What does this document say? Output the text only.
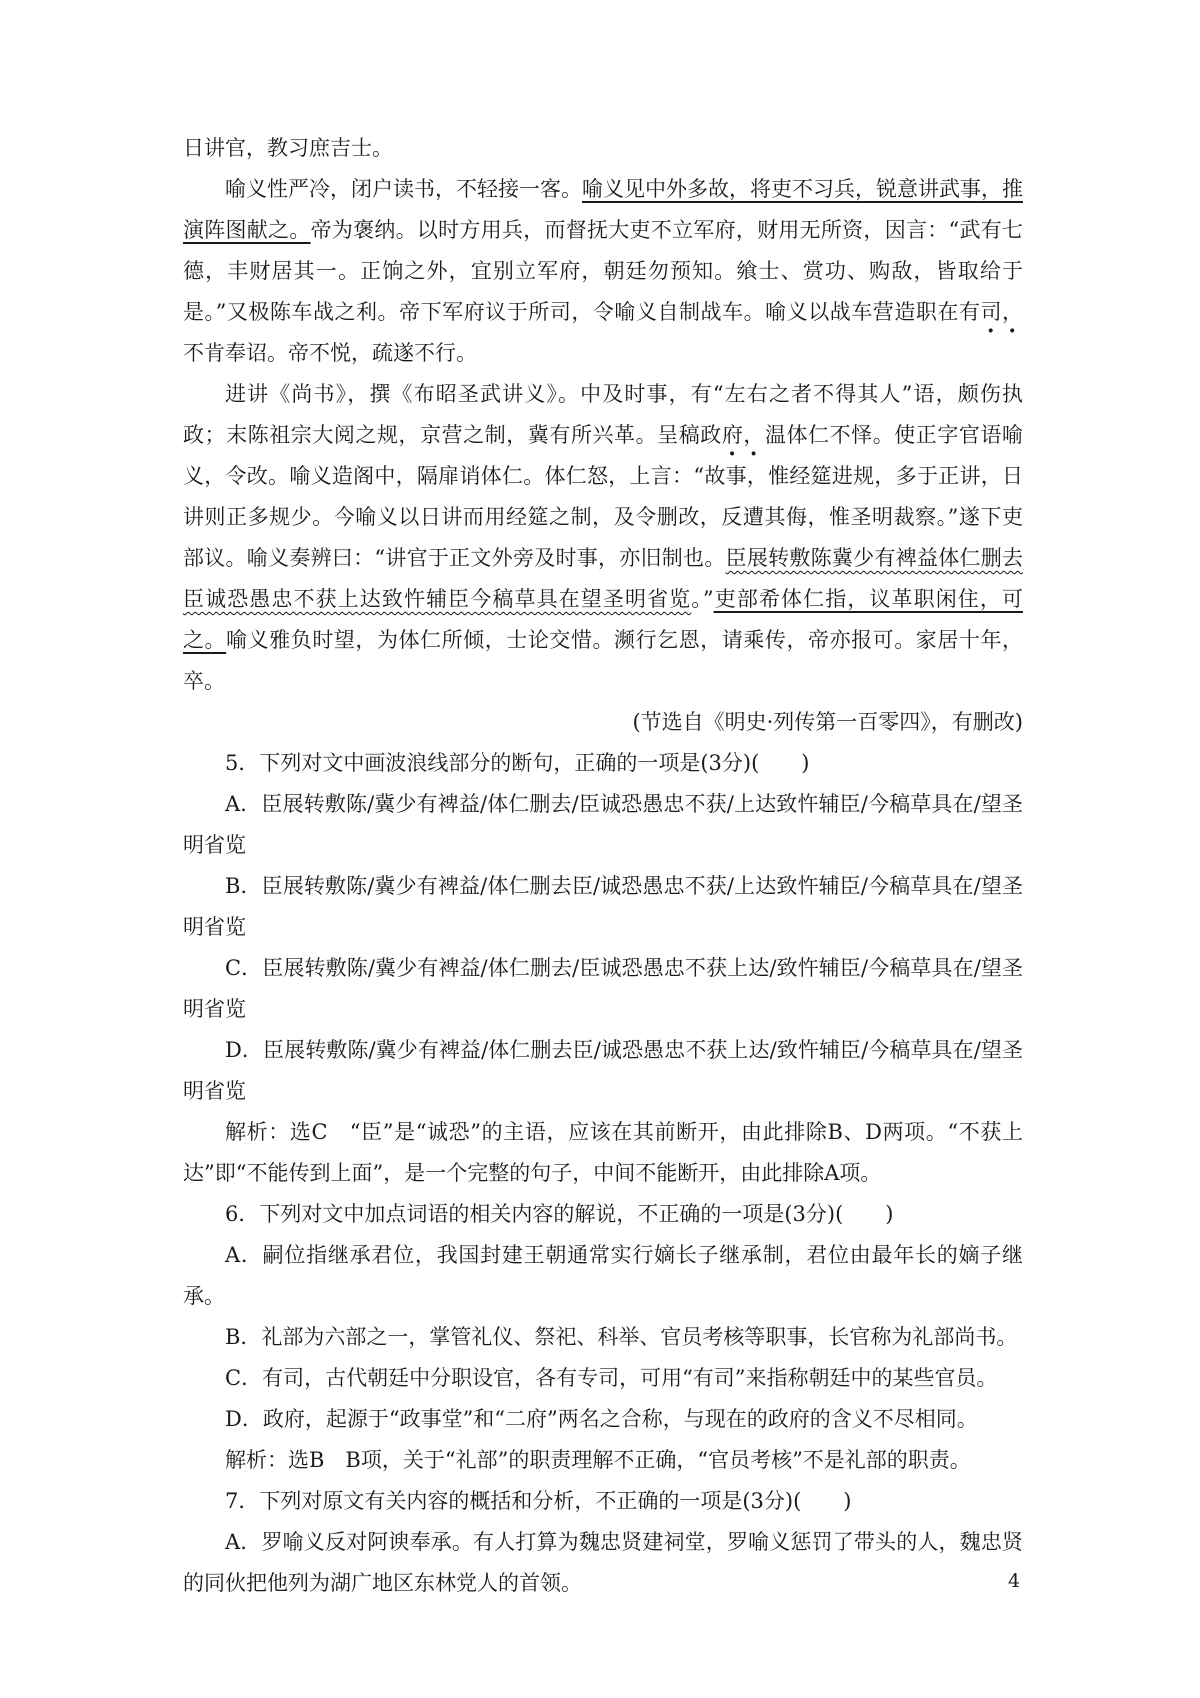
日讲官，教习庶吉士。

喻义性严冷，闭户读书，不轻接一客。喻义见中外多故，将吏不习兵，锐意讲武事，推演阵图献之。帝为褒纳。以时方用兵，而督抚大吏不立军府，财用无所资，因言：“武有七德，丰财居其一。正饷之外，宜别立军府，朝廷勿预知。飨士、赏功、购敌，皆取给于是。”又极陈车战之利。帝下军府议于所司，令喻义自制战车。喻义以战车营造职在有司，不肯奉诏。帝不悦，疏遂不行。

进讲《尚书》，撰《布昭圣武讲义》。中及时事，有“左右之者不得其人”语，颇伤执政；末陈祖宗大阅之规，京营之制，冀有所兴革。呈稿政府，温体仁不怿。使正字官语喻义，令改。喻义造阁中，隔扉诮体仁。体仁怒，上言：“故事，惟经筵进规，多于正讲，日讲则正多规少。今喻义以日讲而用经筵之制，及令删改，反遭其侮，惟圣明裁察。”遂下吏部议。喻义奏辨曰：“讲官于正文外旁及时事，亦旧制也。臣展转敷陈冀少有裨益体仁删去臣诚恐愚忠不获上达致忤辅臣今稿草具在望圣明省览。”吏部希体仁指，议革职闲住，可之。喻义雅负时望，为体仁所倾，士论交惜。濒行乞恩，请乘传，帝亦报可。家居十年，卒。

(节选自《明史·列传第一百零四》，有删改)

5．下列对文中画波浪线部分的断句，正确的一项是(3分)(　　)

A．臣展转敷陈/冀少有裨益/体仁删去/臣诚恐愚忠不获/上达致忤辅臣/今稿草具在/望圣明省览

B．臣展转敷陈/冀少有裨益/体仁删去臣/诚恐愚忠不获/上达致忤辅臣/今稿草具在/望圣明省览

C．臣展转敷陈/冀少有裨益/体仁删去/臣诚恐愚忠不获上达/致忤辅臣/今稿草具在/望圣明省览

D．臣展转敷陈/冀少有裨益/体仁删去臣/诚恐愚忠不获上达/致忤辅臣/今稿草具在/望圣明省览

解析：选C　“臣”是“诚恐”的主语，应该在其前断开，由此排除B、D两项。“不获上达”即“不能传到上面”，是一个完整的句子，中间不能断开，由此排除A项。

6．下列对文中加点词语的相关内容的解说，不正确的一项是(3分)(　　)

A．嗣位指继承君位，我国封建王朝通常实行嫡长子继承制，君位由最年长的嫡子继承。

B．礼部为六部之一，掌管礼仪、祭祀、科举、官员考核等职事，长官称为礼部尚书。

C．有司，古代朝廷中分职设官，各有专司，可用“有司”来指称朝廷中的某些官员。

D．政府，起源于“政事堂”和“二府”两名之合称，与现在的政府的含义不尽相同。

解析：选B　B项，关于“礼部”的职责理解不正确，“官员考核”不是礼部的职责。

7．下列对原文有关内容的概括和分析，不正确的一项是(3分)(　　)

A．罗喻义反对阿谀奉承。有人打算为魏忠贤建祠堂，罗喻义惩罚了带头的人，魏忠贤的同伙把他列为湖广地区东林党人的首领。	4
